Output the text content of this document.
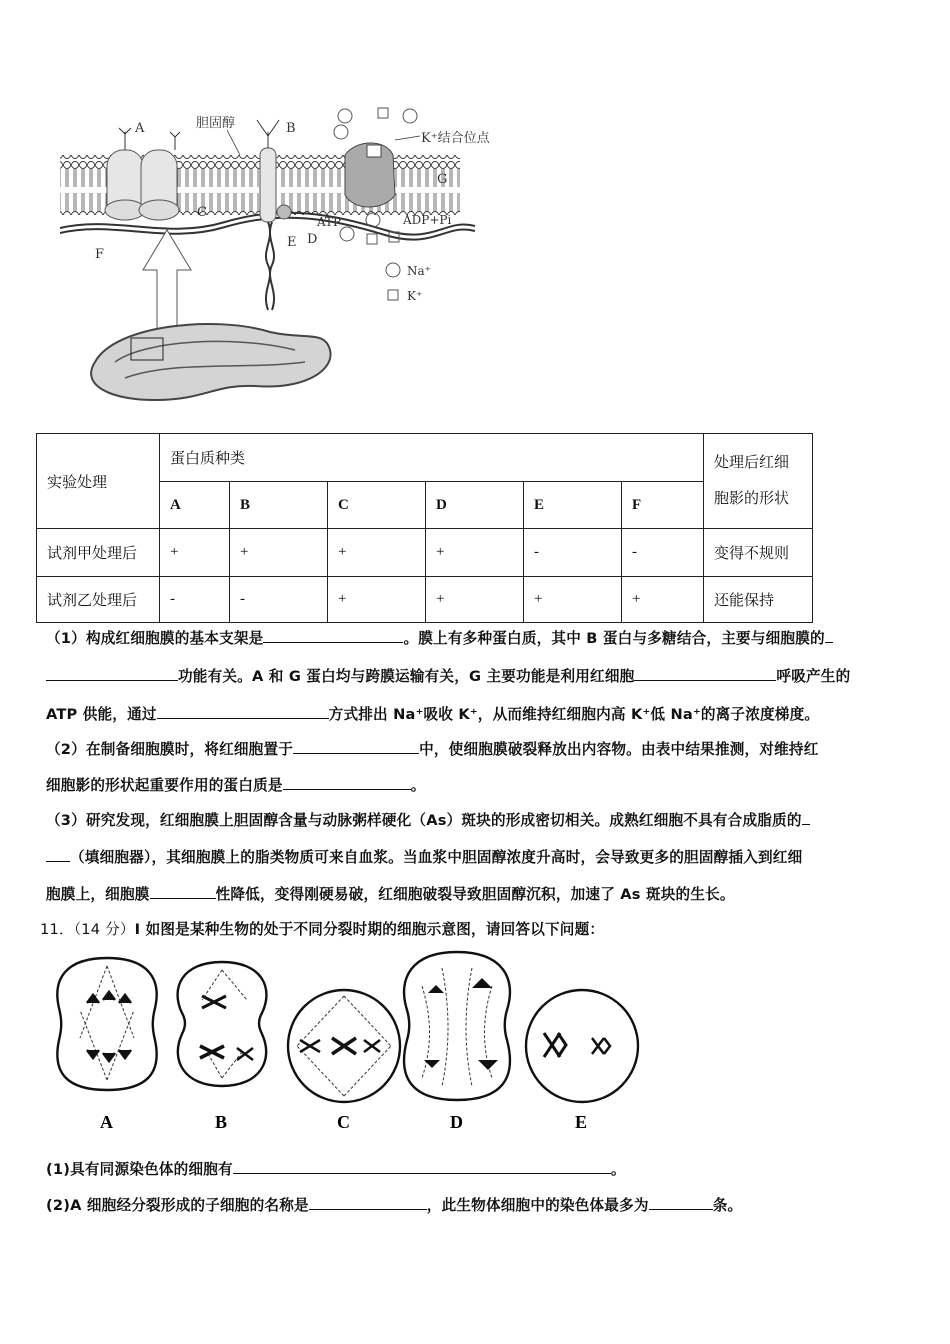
A	胆固醇	B
C
D
E
F
G
K⁺结合位点
ATP	ADP+Pi
Na⁺
K⁺
实验处理	蛋白质种类						处理后红细胞影的形状
	A	B	C	D	E	F	
试剂甲处理后	+	+	+	+	-	-	变得不规则
试剂乙处理后	-	-	+	+	+	+	还能保持
（1）构成红细胞膜的基本支架是	。膜上有多种蛋白质，其中 B 蛋白与多糖结合，主要与细胞膜的
功能有关。A 和 G 蛋白均与跨膜运输有关，G 主要功能是利用红细胞	呼吸产生的
ATP 供能，通过	方式排出 Na⁺吸收 K⁺，从而维持红细胞内高 K⁺低 Na⁺的离子浓度梯度。
（2）在制备细胞膜时，将红细胞置于	中，使细胞膜破裂释放出内容物。由表中结果推测，对维持红
细胞影的形状起重要作用的蛋白质是	。
（3）研究发现，红细胞膜上胆固醇含量与动脉粥样硬化（As）斑块的形成密切相关。成熟红细胞不具有合成脂质的
（填细胞器），其细胞膜上的脂类物质可来自血浆。当血浆中胆固醇浓度升高时，会导致更多的胆固醇插入到红细
胞膜上，细胞膜	性降低，变得刚硬易破，红细胞破裂导致胆固醇沉积，加速了 As 斑块的生长。
11．（14 分）I 如图是某种生物的处于不同分裂时期的细胞示意图，请回答以下问题：
A	B	C	D	E
(1)具有同源染色体的细胞有	。
(2)A 细胞经分裂形成的子细胞的名称是	，此生物体细胞中的染色体最多为	条。
